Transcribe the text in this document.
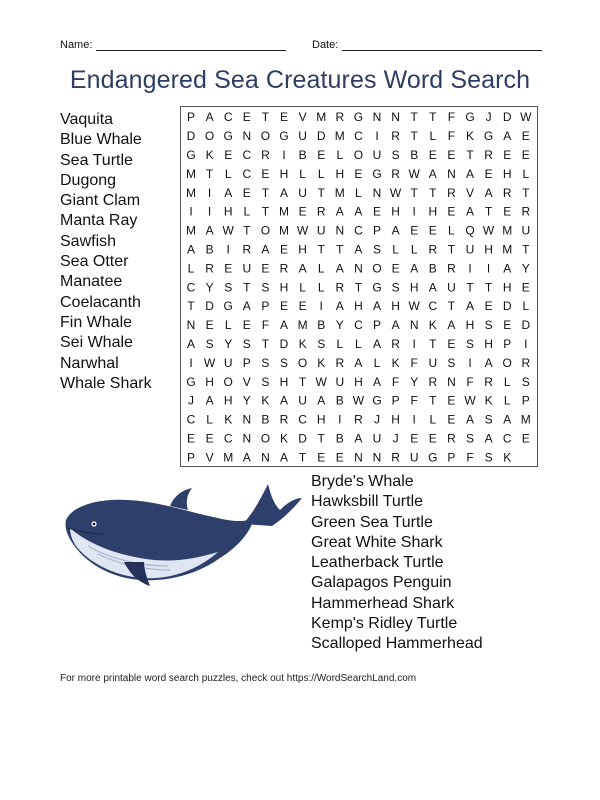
Name:	Date:
Endangered Sea Creatures Word Search
Vaquita
Blue Whale
Sea Turtle
Dugong
Giant Clam
Manta Ray
Sawfish
Sea Otter
Manatee
Coelacanth
Fin Whale
Sei Whale
Narwhal
Whale Shark
P A C E T E V M R G N N T T F G J D W
D O G N O G U D M C I R T L F K G A E
G K E C R I B E L O U S B E E T R E E
M T L C E H L L H E G R W A N A E H L
M I A E T A U T M L N W T T R V A R T
I I H L T M E R A A E H I H E A T E R
M A W T O M W U N C P A E E L Q W M U
A B I R A E H T T A S L L R T U H M T
L R E U E R A L A N O E A B R I I A Y
C Y S T S H L L R T G S H A U T T H E
T D G A P E E I A H A H W C T A E D L
N E L E F A M B Y C P A N K A H S E D
A S Y S T D K S L L A R I T E S H P I
I W U P S S O K R A L K F U S I A O R
G H O V S H T W U H A F Y R N F R L S
J A H Y K A U A B W G P F T E W K L P
C L K N B R C H I R J H I L E A S A M
E E C N O K D T B A U J E E R S A C E
P V M A N A T E E N N R U G P F S K
Bryde's Whale
Hawksbill Turtle
Green Sea Turtle
Great White Shark
Leatherback Turtle
Galapagos Penguin
Hammerhead Shark
Kemp's Ridley Turtle
Scalloped Hammerhead
For more printable word search puzzles, check out https://WordSearchLand.com
